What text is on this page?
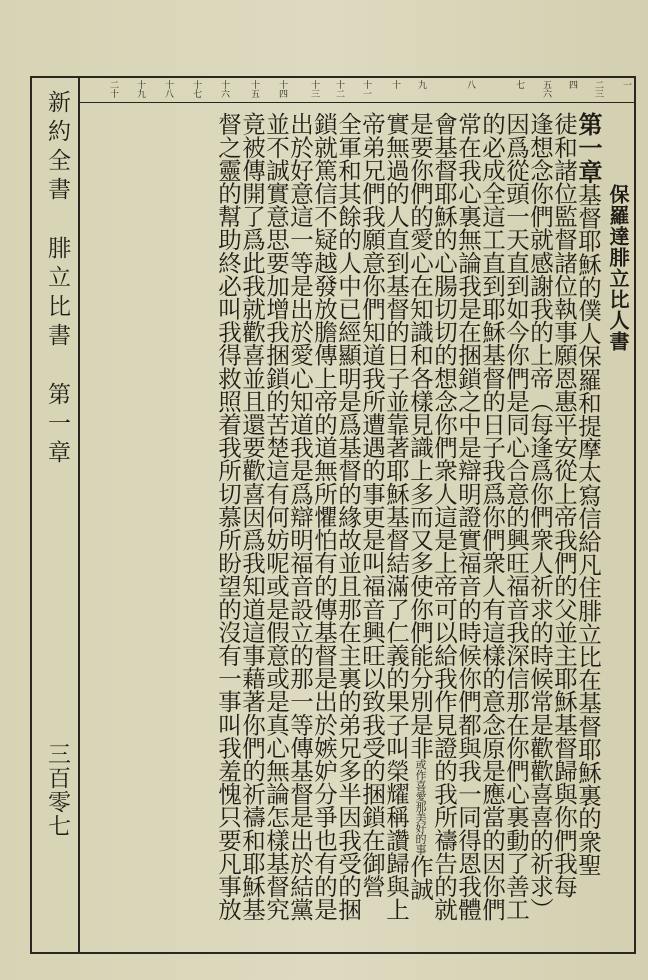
一
二三
四
五六
七
八
九
十
十一
十二
十三
十四
十五
十六
十七
十八
十九
二十
新約全書腓立比書第一章
三百零七
保羅達腓立比人書
第一章基督耶穌的僕人保羅和提摩太寫信給凡住腓立比在基督耶穌裏的衆聖
徒和諸位監督諸位執事願恩惠平安從上帝我們的父並主耶穌基督歸與你們我每
逢想念你們就感謝我的上帝（每逢爲你們衆人祈求的時候常是歡歡喜喜的祈求）
因爲從頭一天直到如今你們是同心合意的興旺福音我深信那在你們心裏動了善工
的必成全這工直到耶穌基督的日子我爲你們衆人有這樣的意念原是應當的因你們
常在我心裏無論我是在捆鎖之中是辯明證實福音的時候你們都與我一同得恩我體
會基督耶穌的心腸切切的想念你們衆人這是上帝可以給我作見證的我所禱告的就
是要你們的愛心在知識和各樣見識上多而又多使你們能分別是非或作喜愛那美好的事作誠
實無過的人直到基督的日子並靠著耶穌基督結滿了仁義的果子叫榮耀稱讚歸與上
帝弟兄們我願意你們知道我所遭遇的事更是叫福音興旺以致我受的捆鎖在御營
全軍和其餘的人中已經顯明是爲基督的緣故並且那在主裏的弟兄多半因我受的捆
鎖就篤信不疑越發放膽傳上帝的道無所懼怕有的傳基督是出於嫉妒分爭也有的是
出於好意這一等是出於愛心知道我是爲辯明福音設立的那一等傳基督是出於結黨
並不誠實意思要加增我捆鎖的苦楚這有何妨呢或是假意或是真心無論怎樣基督究
竟被傳開了爲此我就歡喜並且還要歡喜因爲我知道這事藉著你們的祈禱和耶穌基
督之靈的幫助終必叫我得救照着我所切慕所盼望的沒有一事叫我羞愧只要凡事放
